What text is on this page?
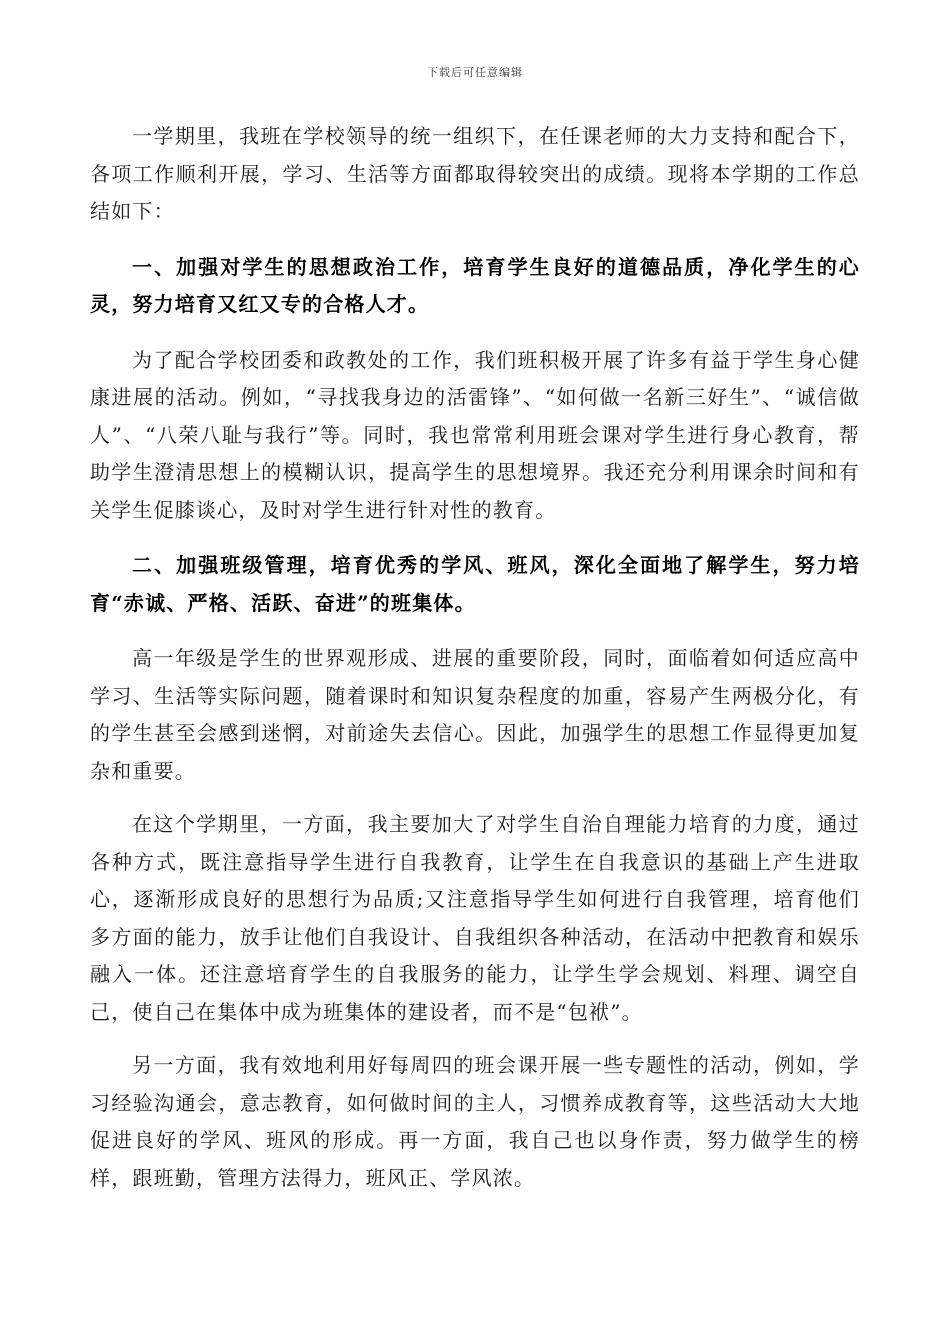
下载后可任意编辑

一学期里，我班在学校领导的统一组织下，在任课老师的大力支持和配合下，各项工作顺利开展，学习、生活等方面都取得较突出的成绩。现将本学期的工作总结如下：

一、加强对学生的思想政治工作，培育学生良好的道德品质，净化学生的心灵，努力培育又红又专的合格人才。

为了配合学校团委和政教处的工作，我们班积极开展了许多有益于学生身心健康进展的活动。例如，“寻找我身边的活雷锋”、“如何做一名新三好生”、“诚信做人”、“八荣八耻与我行”等。同时，我也常常利用班会课对学生进行身心教育，帮助学生澄清思想上的模糊认识，提高学生的思想境界。我还充分利用课余时间和有关学生促膝谈心，及时对学生进行针对性的教育。

二、加强班级管理，培育优秀的学风、班风，深化全面地了解学生，努力培育“赤诚、严格、活跃、奋进”的班集体。

高一年级是学生的世界观形成、进展的重要阶段，同时，面临着如何适应高中学习、生活等实际问题，随着课时和知识复杂程度的加重，容易产生两极分化，有的学生甚至会感到迷惘，对前途失去信心。因此，加强学生的思想工作显得更加复杂和重要。

在这个学期里，一方面，我主要加大了对学生自治自理能力培育的力度，通过各种方式，既注意指导学生进行自我教育，让学生在自我意识的基础上产生进取心，逐渐形成良好的思想行为品质;又注意指导学生如何进行自我管理，培育他们多方面的能力，放手让他们自我设计、自我组织各种活动，在活动中把教育和娱乐融入一体。还注意培育学生的自我服务的能力，让学生学会规划、料理、调空自己，使自己在集体中成为班集体的建设者，而不是“包袱”。

另一方面，我有效地利用好每周四的班会课开展一些专题性的活动，例如，学习经验沟通会，意志教育，如何做时间的主人，习惯养成教育等，这些活动大大地促进良好的学风、班风的形成。再一方面，我自己也以身作责，努力做学生的榜样，跟班勤，管理方法得力，班风正、学风浓。
